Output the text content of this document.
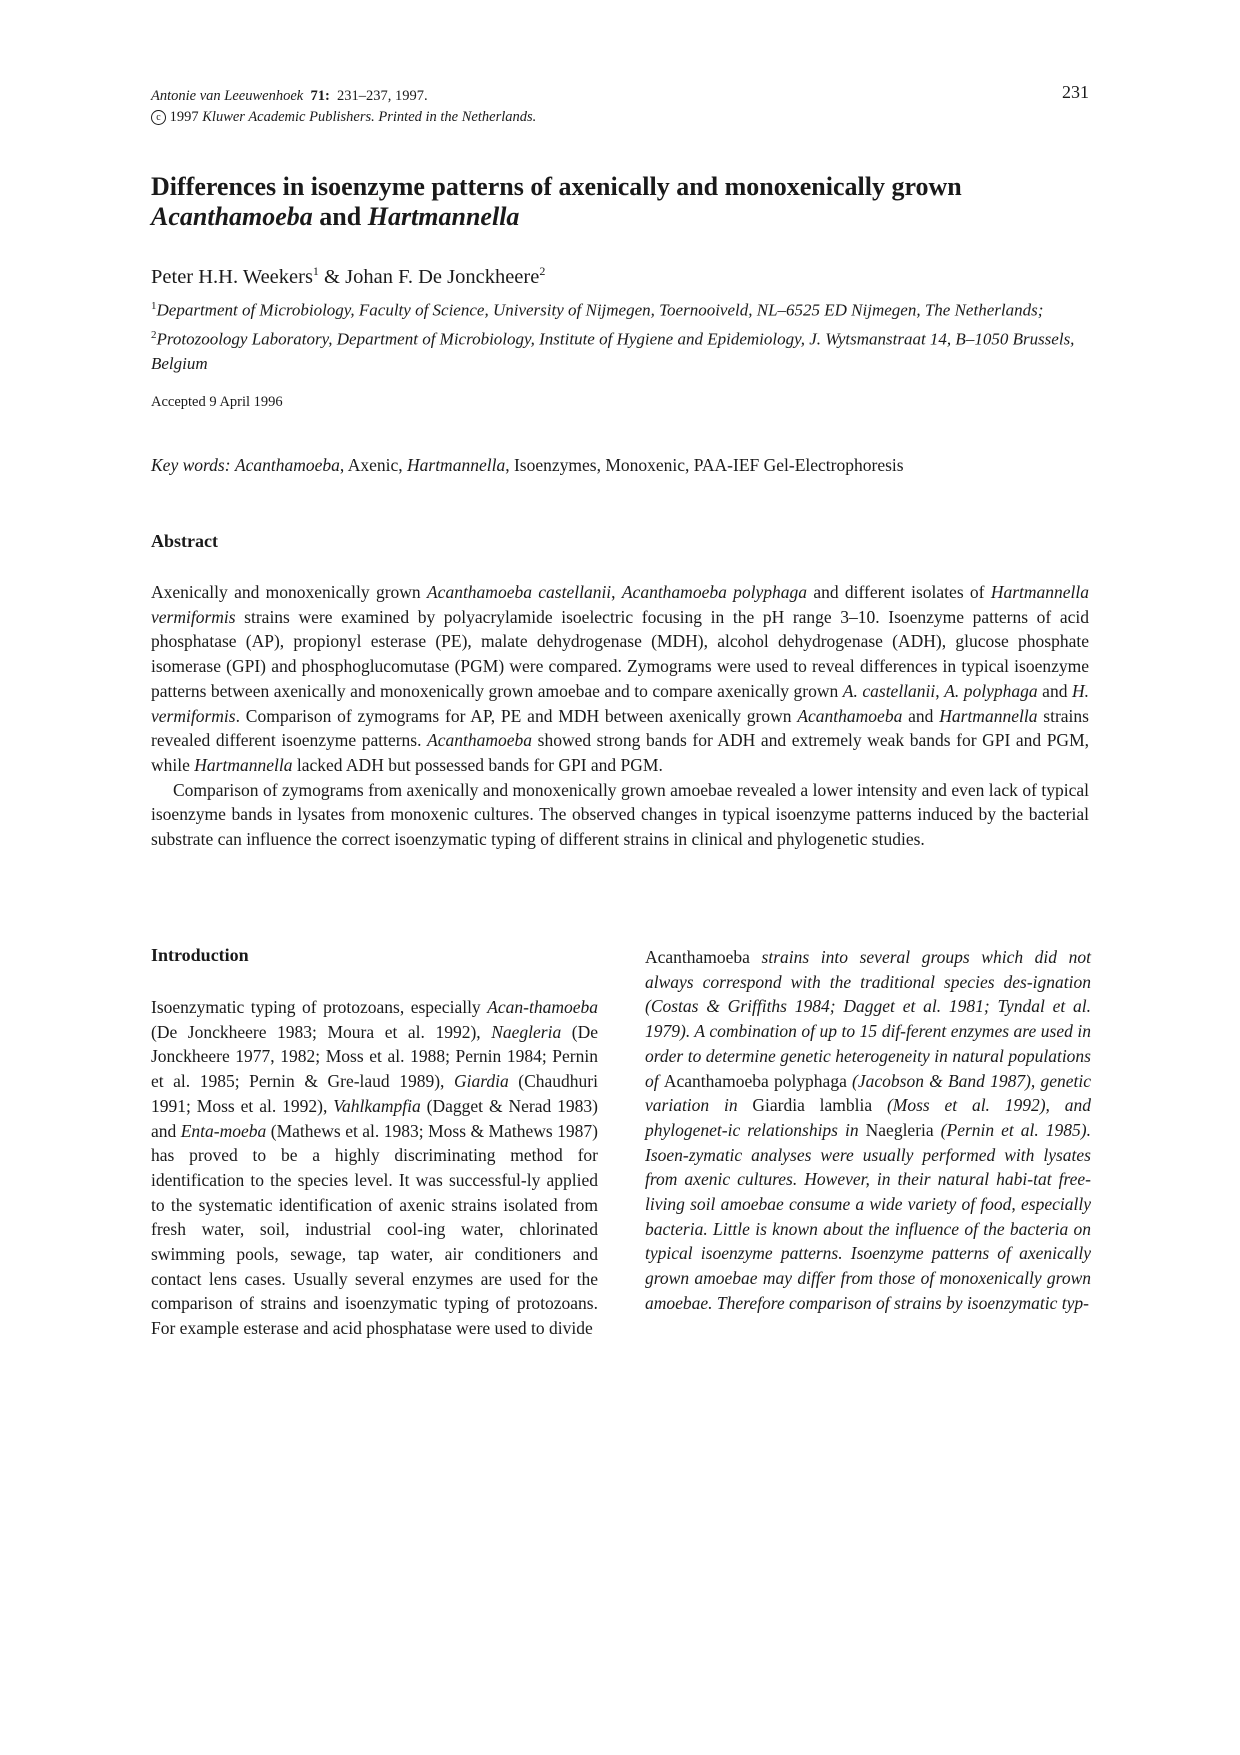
Antonie van Leeuwenhoek 71: 231–237, 1997.
c 1997 Kluwer Academic Publishers. Printed in the Netherlands.
231
Differences in isoenzyme patterns of axenically and monoxenically grown
Acanthamoeba and Hartmannella
Peter H.H. Weekers$^1$ & Johan F. De Jonckheere$^2$
$^1$Department of Microbiology, Faculty of Science, University of Nijmegen, Toernooiveld, NL–6525 ED Nijmegen, The Netherlands; $^2$Protozoology Laboratory, Department of Microbiology, Institute of Hygiene and Epidemiology, J. Wytsmanstraat 14, B–1050 Brussels, Belgium
Accepted 9 April 1996
Key words: Acanthamoeba, Axenic, Hartmannella, Isoenzymes, Monoxenic, PAA-IEF Gel-Electrophoresis
Abstract

Axenically and monoxenically grown Acanthamoeba castellanii, Acanthamoeba polyphaga and different isolates of Hartmannella vermiformis strains were examined by polyacrylamide isoelectric focusing in the pH range 3–10. Isoenzyme patterns of acid phosphatase (AP), propionyl esterase (PE), malate dehydrogenase (MDH), alcohol dehydrogenase (ADH), glucose phosphate isomerase (GPI) and phosphoglucomutase (PGM) were compared. Zymograms were used to reveal differences in typical isoenzyme patterns between axenically and monoxenically grown amoebae and to compare axenically grown A. castellanii, A. polyphaga and H. vermiformis. Comparison of zymograms for AP, PE and MDH between axenically grown Acanthamoeba and Hartmannella strains revealed different isoenzyme patterns. Acanthamoeba showed strong bands for ADH and extremely weak bands for GPI and PGM, while Hartmannella lacked ADH but possessed bands for GPI and PGM.

Comparison of zymograms from axenically and monoxenically grown amoebae revealed a lower intensity and even lack of typical isoenzyme bands in lysates from monoxenic cultures. The observed changes in typical isoenzyme patterns induced by the bacterial substrate can influence the correct isoenzymatic typing of different strains in clinical and phylogenetic studies.

Introduction

Isoenzymatic typing of protozoans, especially Acan-thamoeba (De Jonckheere 1983; Moura et al. 1992), Naegleria (De Jonckheere 1977, 1982; Moss et al. 1988; Pernin 1984; Pernin et al. 1985; Pernin & Gre-laud 1989), Giardia (Chaudhuri 1991; Moss et al. 1992), Vahlkampfia (Dagget & Nerad 1983) and Enta-moeba (Mathews et al. 1983; Moss & Mathews 1987) has proved to be a highly discriminating method for identification to the species level. It was successful-ly applied to the systematic identification of axenic strains isolated from fresh water, soil, industrial cool-ing water, chlorinated swimming pools, sewage, tap water, air conditioners and contact lens cases. Usually several enzymes are used for the comparison of strains and isoenzymatic typing of protozoans. For example esterase and acid phosphatase were used to divide

Acanthamoeba strains into several groups which did not always correspond with the traditional species des-ignation (Costas & Griffiths 1984; Dagget et al. 1981; Tyndal et al. 1979). A combination of up to 15 dif-ferent enzymes are used in order to determine genetic heterogeneity in natural populations of Acanthamoeba polyphaga (Jacobson & Band 1987), genetic variation in Giardia lamblia (Moss et al. 1992), and phylogenet-ic relationships in Naegleria (Pernin et al. 1985). Isoen-zymatic analyses were usually performed with lysates from axenic cultures. However, in their natural habi-tat free-living soil amoebae consume a wide variety of food, especially bacteria. Little is known about the influence of the bacteria on typical isoenzyme patterns. Isoenzyme patterns of axenically grown amoebae may differ from those of monoxenically grown amoebae. Therefore comparison of strains by isoenzymatic typ-
